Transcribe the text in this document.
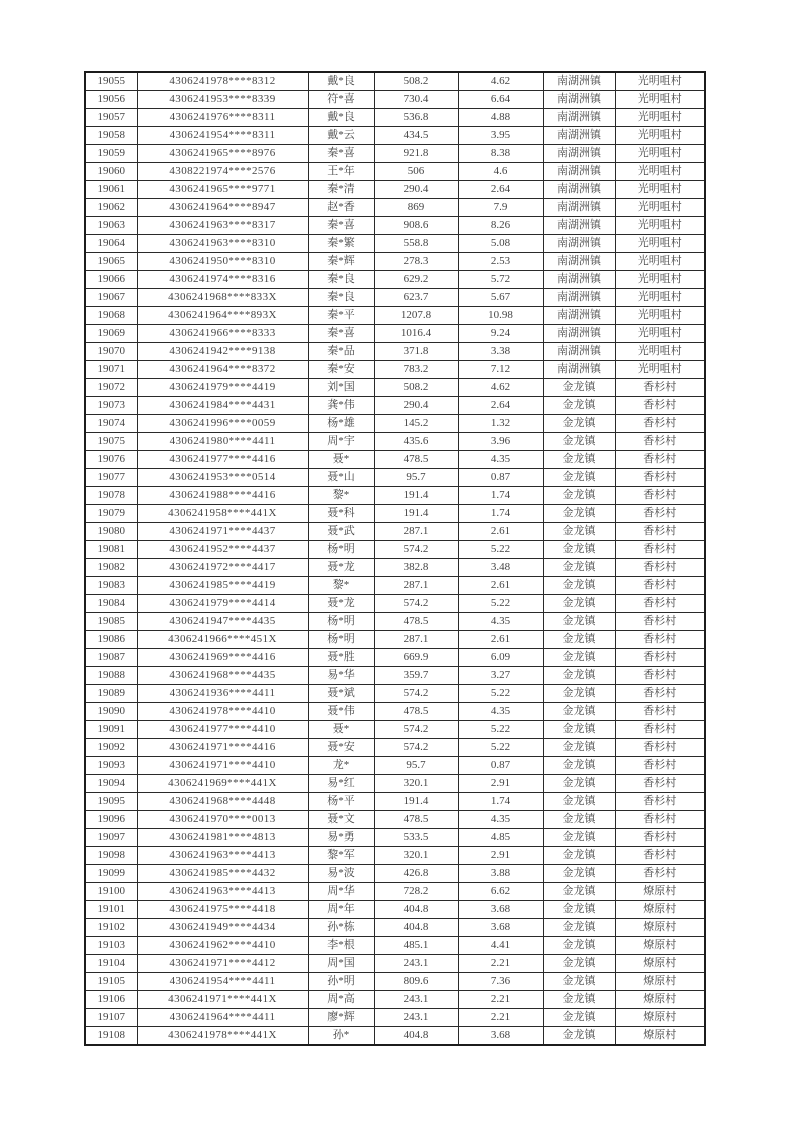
19055	4306241978****8312	戴*良	508.2	4.62	南湖洲镇	光明咀村
19056	4306241953****8339	符*喜	730.4	6.64	南湖洲镇	光明咀村
19057	4306241976****8311	戴*良	536.8	4.88	南湖洲镇	光明咀村
19058	4306241954****8311	戴*云	434.5	3.95	南湖洲镇	光明咀村
19059	4306241965****8976	秦*喜	921.8	8.38	南湖洲镇	光明咀村
19060	4308221974****2576	王*年	506	4.6	南湖洲镇	光明咀村
19061	4306241965****9771	秦*清	290.4	2.64	南湖洲镇	光明咀村
19062	4306241964****8947	赵*香	869	7.9	南湖洲镇	光明咀村
19063	4306241963****8317	秦*喜	908.6	8.26	南湖洲镇	光明咀村
19064	4306241963****8310	秦*繁	558.8	5.08	南湖洲镇	光明咀村
19065	4306241950****8310	秦*辉	278.3	2.53	南湖洲镇	光明咀村
19066	4306241974****8316	秦*良	629.2	5.72	南湖洲镇	光明咀村
19067	4306241968****833X	秦*良	623.7	5.67	南湖洲镇	光明咀村
19068	4306241964****893X	秦*平	1207.8	10.98	南湖洲镇	光明咀村
19069	4306241966****8333	秦*喜	1016.4	9.24	南湖洲镇	光明咀村
19070	4306241942****9138	秦*品	371.8	3.38	南湖洲镇	光明咀村
19071	4306241964****8372	秦*安	783.2	7.12	南湖洲镇	光明咀村
19072	4306241979****4419	刘*国	508.2	4.62	金龙镇	香杉村
19073	4306241984****4431	龚*伟	290.4	2.64	金龙镇	香杉村
19074	4306241996****0059	杨*雄	145.2	1.32	金龙镇	香杉村
19075	4306241980****4411	周*宇	435.6	3.96	金龙镇	香杉村
19076	4306241977****4416	聂*	478.5	4.35	金龙镇	香杉村
19077	4306241953****0514	聂*山	95.7	0.87	金龙镇	香杉村
19078	4306241988****4416	黎*	191.4	1.74	金龙镇	香杉村
19079	4306241958****441X	聂*科	191.4	1.74	金龙镇	香杉村
19080	4306241971****4437	聂*武	287.1	2.61	金龙镇	香杉村
19081	4306241952****4437	杨*明	574.2	5.22	金龙镇	香杉村
19082	4306241972****4417	聂*龙	382.8	3.48	金龙镇	香杉村
19083	4306241985****4419	黎*	287.1	2.61	金龙镇	香杉村
19084	4306241979****4414	聂*龙	574.2	5.22	金龙镇	香杉村
19085	4306241947****4435	杨*明	478.5	4.35	金龙镇	香杉村
19086	4306241966****451X	杨*明	287.1	2.61	金龙镇	香杉村
19087	4306241969****4416	聂*胜	669.9	6.09	金龙镇	香杉村
19088	4306241968****4435	易*华	359.7	3.27	金龙镇	香杉村
19089	4306241936****4411	聂*斌	574.2	5.22	金龙镇	香杉村
19090	4306241978****4410	聂*伟	478.5	4.35	金龙镇	香杉村
19091	4306241977****4410	聂*	574.2	5.22	金龙镇	香杉村
19092	4306241971****4416	聂*安	574.2	5.22	金龙镇	香杉村
19093	4306241971****4410	龙*	95.7	0.87	金龙镇	香杉村
19094	4306241969****441X	易*红	320.1	2.91	金龙镇	香杉村
19095	4306241968****4448	杨*平	191.4	1.74	金龙镇	香杉村
19096	4306241970****0013	聂*文	478.5	4.35	金龙镇	香杉村
19097	4306241981****4813	易*勇	533.5	4.85	金龙镇	香杉村
19098	4306241963****4413	黎*军	320.1	2.91	金龙镇	香杉村
19099	4306241985****4432	易*波	426.8	3.88	金龙镇	香杉村
19100	4306241963****4413	周*华	728.2	6.62	金龙镇	燎原村
19101	4306241975****4418	周*年	404.8	3.68	金龙镇	燎原村
19102	4306241949****4434	孙*栋	404.8	3.68	金龙镇	燎原村
19103	4306241962****4410	李*根	485.1	4.41	金龙镇	燎原村
19104	4306241971****4412	周*国	243.1	2.21	金龙镇	燎原村
19105	4306241954****4411	孙*明	809.6	7.36	金龙镇	燎原村
19106	4306241971****441X	周*高	243.1	2.21	金龙镇	燎原村
19107	4306241964****4411	廖*辉	243.1	2.21	金龙镇	燎原村
19108	4306241978****441X	孙*	404.8	3.68	金龙镇	燎原村
